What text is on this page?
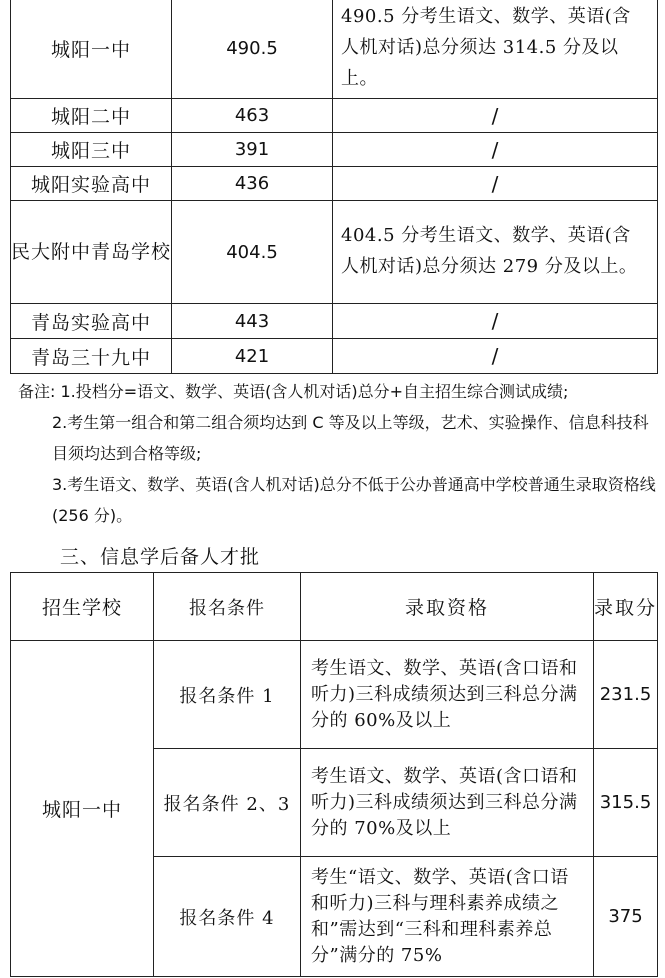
城阳一中	490.5	490.5 分考生语文、数学、英语(含人机对话)总分须达 314.5 分及以上。
城阳二中	463	/
城阳三中	391	/
城阳实验高中	436	/
民大附中青岛学校	404.5	404.5 分考生语文、数学、英语(含人机对话)总分须达 279 分及以上。
青岛实验高中	443	/
青岛三十九中	421	/

备注: 1.投档分=语文、数学、英语(含人机对话)总分+自主招生综合测试成绩;

2.考生第一组合和第二组合须均达到 C 等及以上等级，艺术、实验操作、信息科技科目须均达到合格等级;

3.考生语文、数学、英语(含人机对话)总分不低于公办普通高中学校普通生录取资格线(256 分)。

三、信息学后备人才批
招生学校	报名条件	录取资格	录取分
城阳一中	报名条件 1	考生语文、数学、英语(含口语和听力)三科成绩须达到三科总分满分的 60%及以上	231.5
	报名条件 2、3	考生语文、数学、英语(含口语和听力)三科成绩须达到三科总分满分的 70%及以上	315.5
	报名条件 4	考生“语文、数学、英语(含口语和听力)三科与理科素养成绩之和”需达到“三科和理科素养总分”满分的 75%	375
